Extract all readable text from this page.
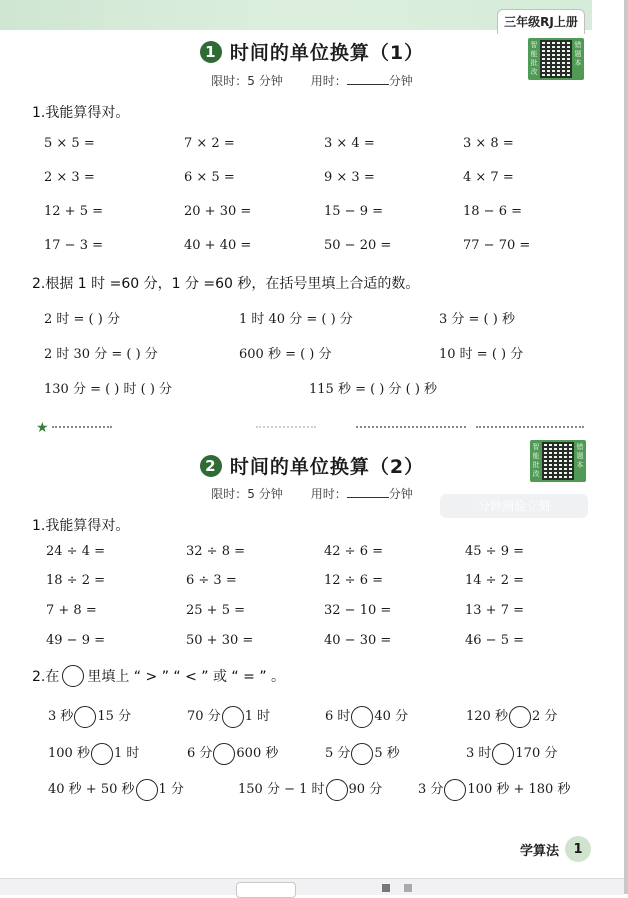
三年级RJ上册
智能批改
错题本
1 时间的单位换算（1）
限时：5 分钟 用时：	分钟
1.我能算得对。
5 × 5 =	7 × 2 =	3 × 4 =	3 × 8 =
2 × 3 =	6 × 5 =	9 × 3 =	4 × 7 =
12 + 5 =	20 + 30 =	15 − 9 =	18 − 6 =
17 − 3 =	40 + 40 =	50 − 20 =	77 − 70 =
2.根据 1 时 =60 分，1 分 =60 秒，在括号里填上合适的数。
2 时 = ( ) 分	1 时 40 分 = ( ) 分	3 分 = ( ) 秒
2 时 30 分 = ( ) 分	600 秒 = ( ) 分	10 时 = ( ) 分
130 分 = ( ) 时 ( ) 分	115 秒 = ( ) 分 ( ) 秒
★
智能批改
错题本
2 时间的单位换算（2）
限时：5 分钟 用时：	分钟
分钟测验立刻
1.我能算得对。
24 ÷ 4 =	32 ÷ 8 =	42 ÷ 6 =	45 ÷ 9 =
18 ÷ 2 =	6 ÷ 3 =	12 ÷ 6 =	14 ÷ 2 =
7 + 8 =	25 + 5 =	32 − 10 =	13 + 7 =
49 − 9 =	50 + 30 =	40 − 30 =	46 − 5 =
2.在 里填上 “ > ” “ < ” 或 “ = ” 。
3 秒 15 分	70 分 1 时	6 时 40 分	120 秒 2 分
100 秒 1 时	6 分 600 秒	5 分 5 秒	3 时 170 分
40 秒 + 50 秒 1 分	150 分 − 1 时 90 分	3 分 100 秒 + 180 秒
学算法	1
